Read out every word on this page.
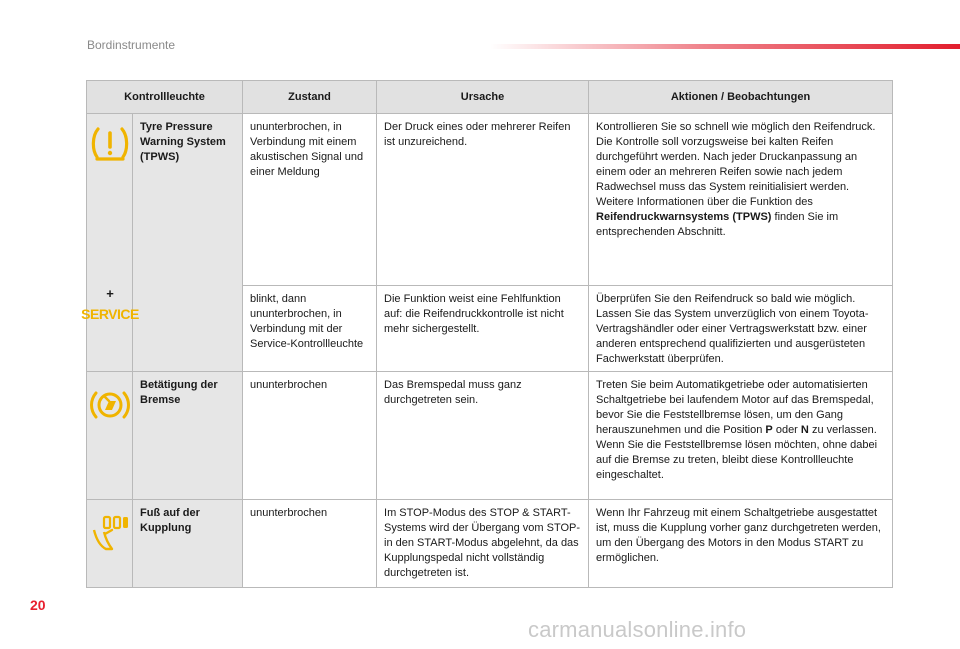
Bordinstrumente
Kontrollleuchte		Zustand	Ursache	Aktionen / Beobachtungen

+
SERVICE	Tyre Pressure Warning System (TPWS)	ununterbrochen, in Verbindung mit einem akustischen Signal und einer Meldung	Der Druck eines oder mehrerer Reifen ist unzureichend.	Kontrollieren Sie so schnell wie möglich den Reifendruck. Die Kontrolle soll vorzugsweise bei kalten Reifen durchgeführt werden. Nach jeder Druckanpassung an einem oder an mehreren Reifen sowie nach jedem Radwechsel muss das System reinitialisiert werden. Weitere Informationen über die Funktion des Reifendruckwarnsystems (TPWS) finden Sie im entsprechenden Abschnitt.
		blinkt, dann ununterbrochen, in Verbindung mit der Service-Kontrollleuchte	Die Funktion weist eine Fehlfunktion auf: die Reifendruckkontrolle ist nicht mehr sichergestellt.	Überprüfen Sie den Reifendruck so bald wie möglich. Lassen Sie das System unverzüglich von einem Toyota-Vertragshändler oder einer Vertragswerkstatt bzw. einer anderen entsprechend qualifizierten und ausgerüsteten Fachwerkstatt überprüfen.

	Betätigung der Bremse	ununterbrochen	Das Bremspedal muss ganz durchgetreten sein.	Treten Sie beim Automatikgetriebe oder automatisierten Schaltgetriebe bei laufendem Motor auf das Bremspedal, bevor Sie die Feststellbremse lösen, um den Gang herauszunehmen und die Position P oder N zu verlassen. Wenn Sie die Feststellbremse lösen möchten, ohne dabei auf die Bremse zu treten, bleibt diese Kontrollleuchte eingeschaltet.

	Fuß auf der Kupplung	ununterbrochen	Im STOP-Modus des STOP & START-Systems wird der Übergang vom STOP- in den START-Modus abgelehnt, da das Kupplungspedal nicht vollständig durchgetreten ist.	Wenn Ihr Fahrzeug mit einem Schaltgetriebe ausgestattet ist, muss die Kupplung vorher ganz durchgetreten werden, um den Übergang des Motors in den Modus START zu ermöglichen.
20
carmanualsonline.info
